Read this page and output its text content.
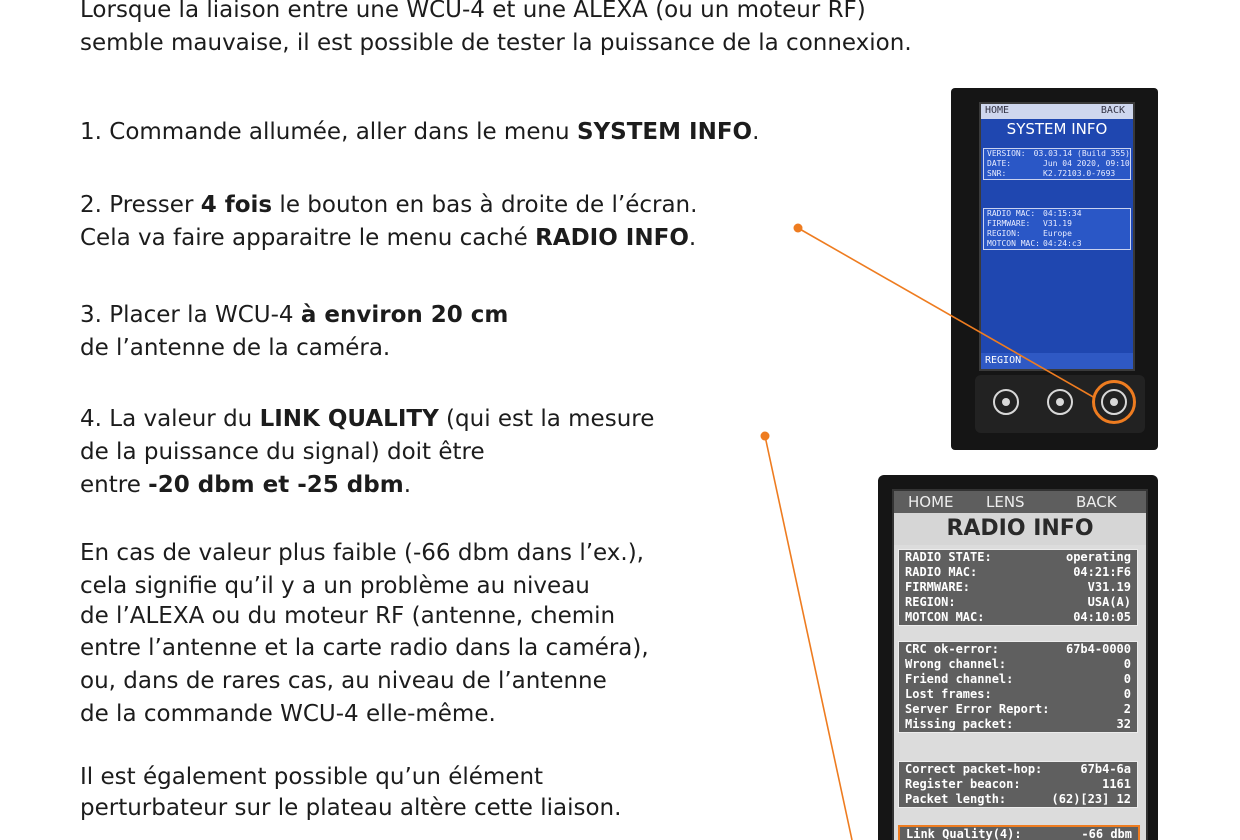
Lorsque la liaison entre une WCU-4 et une ALEXA (ou un moteur RF)
semble mauvaise, il est possible de tester la puissance de la connexion.
1. Commande allumée, aller dans le menu SYSTEM INFO.
2. Presser 4 fois le bouton en bas à droite de l’écran.
Cela va faire apparaitre le menu caché RADIO INFO.
3. Placer la WCU-4 à environ 20 cm
de l’antenne de la caméra.
4. La valeur du LINK QUALITY (qui est la mesure
de la puissance du signal) doit être
entre -20 dbm et -25 dbm.
En cas de valeur plus faible (-66 dbm dans l’ex.),
cela signifie qu’il y a un problème au niveau
de l’ALEXA ou du moteur RF (antenne, chemin
entre l’antenne et la carte radio dans la caméra),
ou, dans de rares cas, au niveau de l’antenne
de la commande WCU-4 elle-même.
Il est également possible qu’un élément
perturbateur sur le plateau altère cette liaison.
HOME	BACK
SYSTEM INFO
VERSION:	03.03.14 (Build 355)
DATE:	Jun 04 2020, 09:10
SNR:	K2.72103.0-7693
RADIO MAC: 04:15:34
FIRMWARE:	V31.19
REGION:	Europe
MOTCON MAC: 04:24:c3
REGION
HOME LENS	BACK
RADIO INFO
RADIO STATE:	operating
RADIO MAC:	04:21:F6
FIRMWARE:	V31.19
REGION:	USA(A)
MOTCON MAC:	04:10:05
CRC ok-error:	67b4-0000
Wrong channel:	0
Friend channel:	0
Lost frames:	0
Server Error Report:	2
Missing packet:	32
Correct packet-hop:	67b4-6a
Register beacon:	1161
Packet length:	(62)[23] 12
Link Quality(4):	-66 dbm
